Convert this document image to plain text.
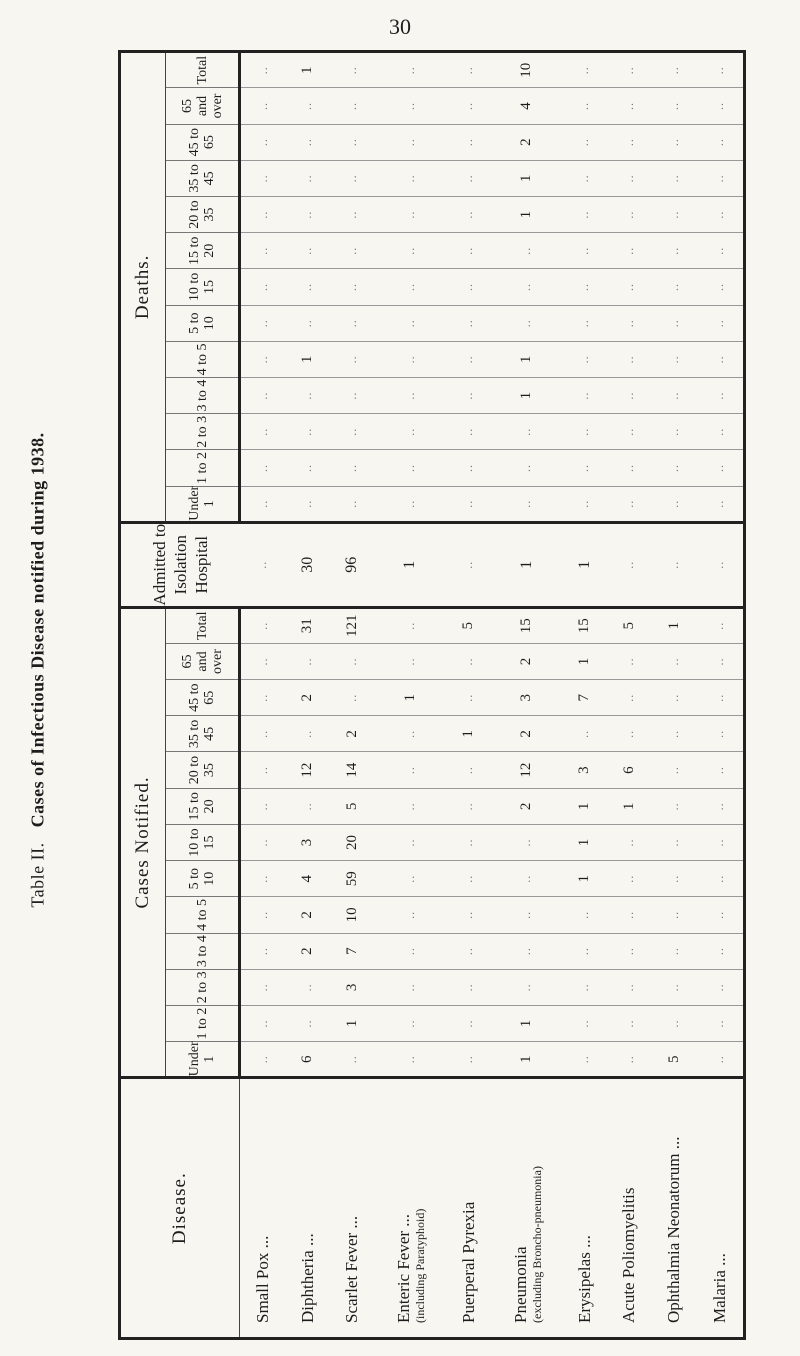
30
Table II.   Cases of Infectious Disease notified during 1938.
Disease.	Cases Notified.													Admitted to Isolation Hospital	Deaths.												
	Under 1	1 to 2	2 to 3	3 to 4	4 to 5	5 to 10	10 to 15	15 to 20	20 to 35	35 to 45	45 to 65	65 and over	Total		Under 1	1 to 2	2 to 3	3 to 4	4 to 5	5 to 10	10 to 15	15 to 20	20 to 35	35 to 45	45 to 65	65 and over	Total
Small Pox ...	..	..	..	..	..	..	..	..	..	..	..	..	..	..	..	..	..	..	..	..	..	..	..	..	..	..	..
Diphtheria ...	6	..	..	2	2	4	3	..	12	..	2	..	31	30	..	..	..	..	1	..	..	..	..	..	..	..	1
Scarlet Fever ...	..	1	3	7	10	59	20	5	14	2	..	..	121	96	..	..	..	..	..	..	..	..	..	..	..	..	..
Enteric Fever ... (including Paratyphoid)	..	..	..	..	..	..	..	..	..	..	1	..	..	1	..	..	..	..	..	..	..	..	..	..	..	..	..
Puerperal Pyrexia	..	..	..	..	..	..	..	..	..	1	..	..	5	..	..	..	..	..	..	..	..	..	..	..	..	..	..
Pneumonia (excluding Broncho-pneumonia)	1	1	..	..	..	..	..	2	12	2	3	2	15	1	..	..	..	1	1	..	..	..	1	1	2	4	10
Erysipelas ...	..	..	..	..	..	1	1	1	3	..	7	1	15	1	..	..	..	..	..	..	..	..	..	..	..	..	..
Acute Poliomyelitis	..	..	..	..	..	..	..	1	6	..	..	..	5	..	..	..	..	..	..	..	..	..	..	..	..	..	..
Ophthalmia Neonatorum ...	5	..	..	..	..	..	..	..	..	..	..	..	1	..	..	..	..	..	..	..	..	..	..	..	..	..	..
Malaria ...	..	..	..	..	..	..	..	..	..	..	..	..	..	..	..	..	..	..	..	..	..	..	..	..	..	..	..
